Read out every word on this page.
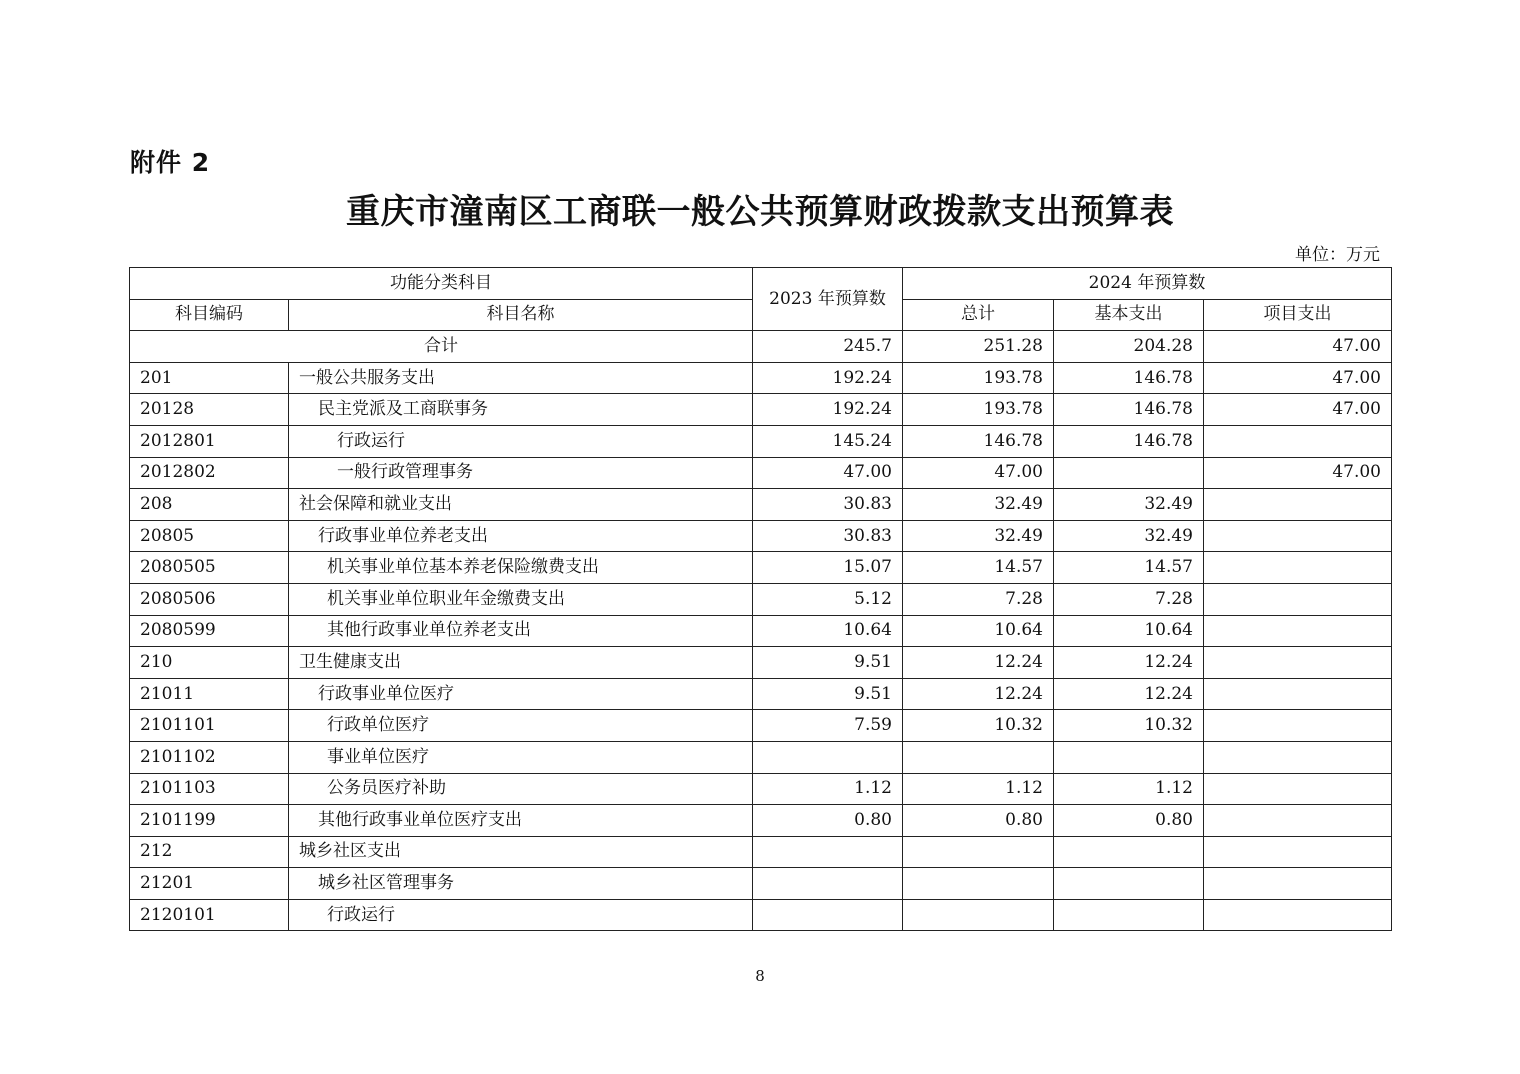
附件 2
重庆市潼南区工商联一般公共预算财政拨款支出预算表
单位：万元
功能分类科目		2023 年预算数	2024 年预算数		
科目编码	科目名称		总计	基本支出	项目支出
合计		245.7	251.28	204.28	47.00
201	一般公共服务支出	192.24	193.78	146.78	47.00
20128	民主党派及工商联事务	192.24	193.78	146.78	47.00
2012801	行政运行	145.24	146.78	146.78	
2012802	一般行政管理事务	47.00	47.00		47.00
208	社会保障和就业支出	30.83	32.49	32.49	
20805	行政事业单位养老支出	30.83	32.49	32.49	
2080505	机关事业单位基本养老保险缴费支出	15.07	14.57	14.57	
2080506	机关事业单位职业年金缴费支出	5.12	7.28	7.28	
2080599	其他行政事业单位养老支出	10.64	10.64	10.64	
210	卫生健康支出	9.51	12.24	12.24	
21011	行政事业单位医疗	9.51	12.24	12.24	
2101101	行政单位医疗	7.59	10.32	10.32	
2101102	事业单位医疗				
2101103	公务员医疗补助	1.12	1.12	1.12	
2101199	其他行政事业单位医疗支出	0.80	0.80	0.80	
212	城乡社区支出				
21201	城乡社区管理事务				
2120101	行政运行				
8
